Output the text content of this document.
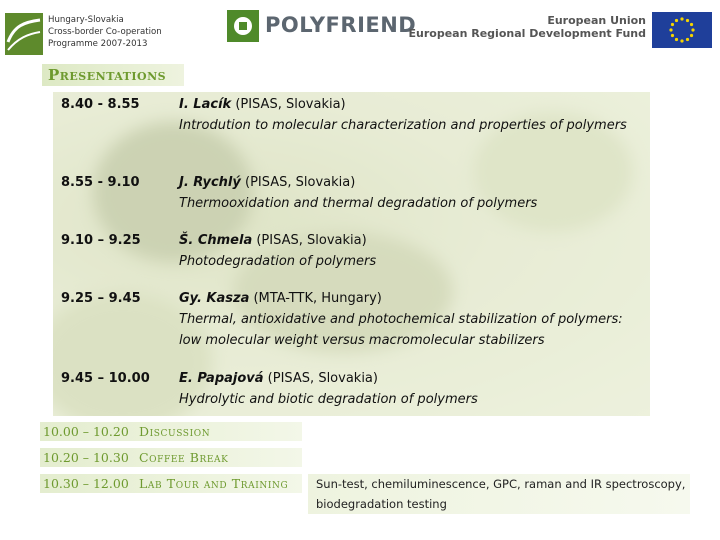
Hungary-Slovakia
Cross-border Co-operation
Programme 2007-2013
POLYFRIEND	European Union
European Regional Development Fund
Presentations
8.40 - 8.55	I. Lacík (PISAS, Slovakia)
Introdution to molecular characterization and properties of polymers
8.55 - 9.10	J. Rychlý (PISAS, Slovakia)
Thermooxidation and thermal degradation of polymers
9.10 – 9.25	Š. Chmela (PISAS, Slovakia)
Photodegradation of polymers
9.25 – 9.45	Gy. Kasza (MTA-TTK, Hungary)
Thermal, antioxidative and photochemical stabilization of polymers: low molecular weight versus macromolecular stabilizers
9.45 – 10.00 E. Papajová (PISAS, Slovakia)
Hydrolytic and biotic degradation of polymers
10.00 – 10.20 Discussion
10.20 – 10.30 Coffee Break
10.30 – 12.00 Lab Tour and Training	Sun-test, chemiluminescence, GPC, raman and IR spectroscopy, biodegradation testing
